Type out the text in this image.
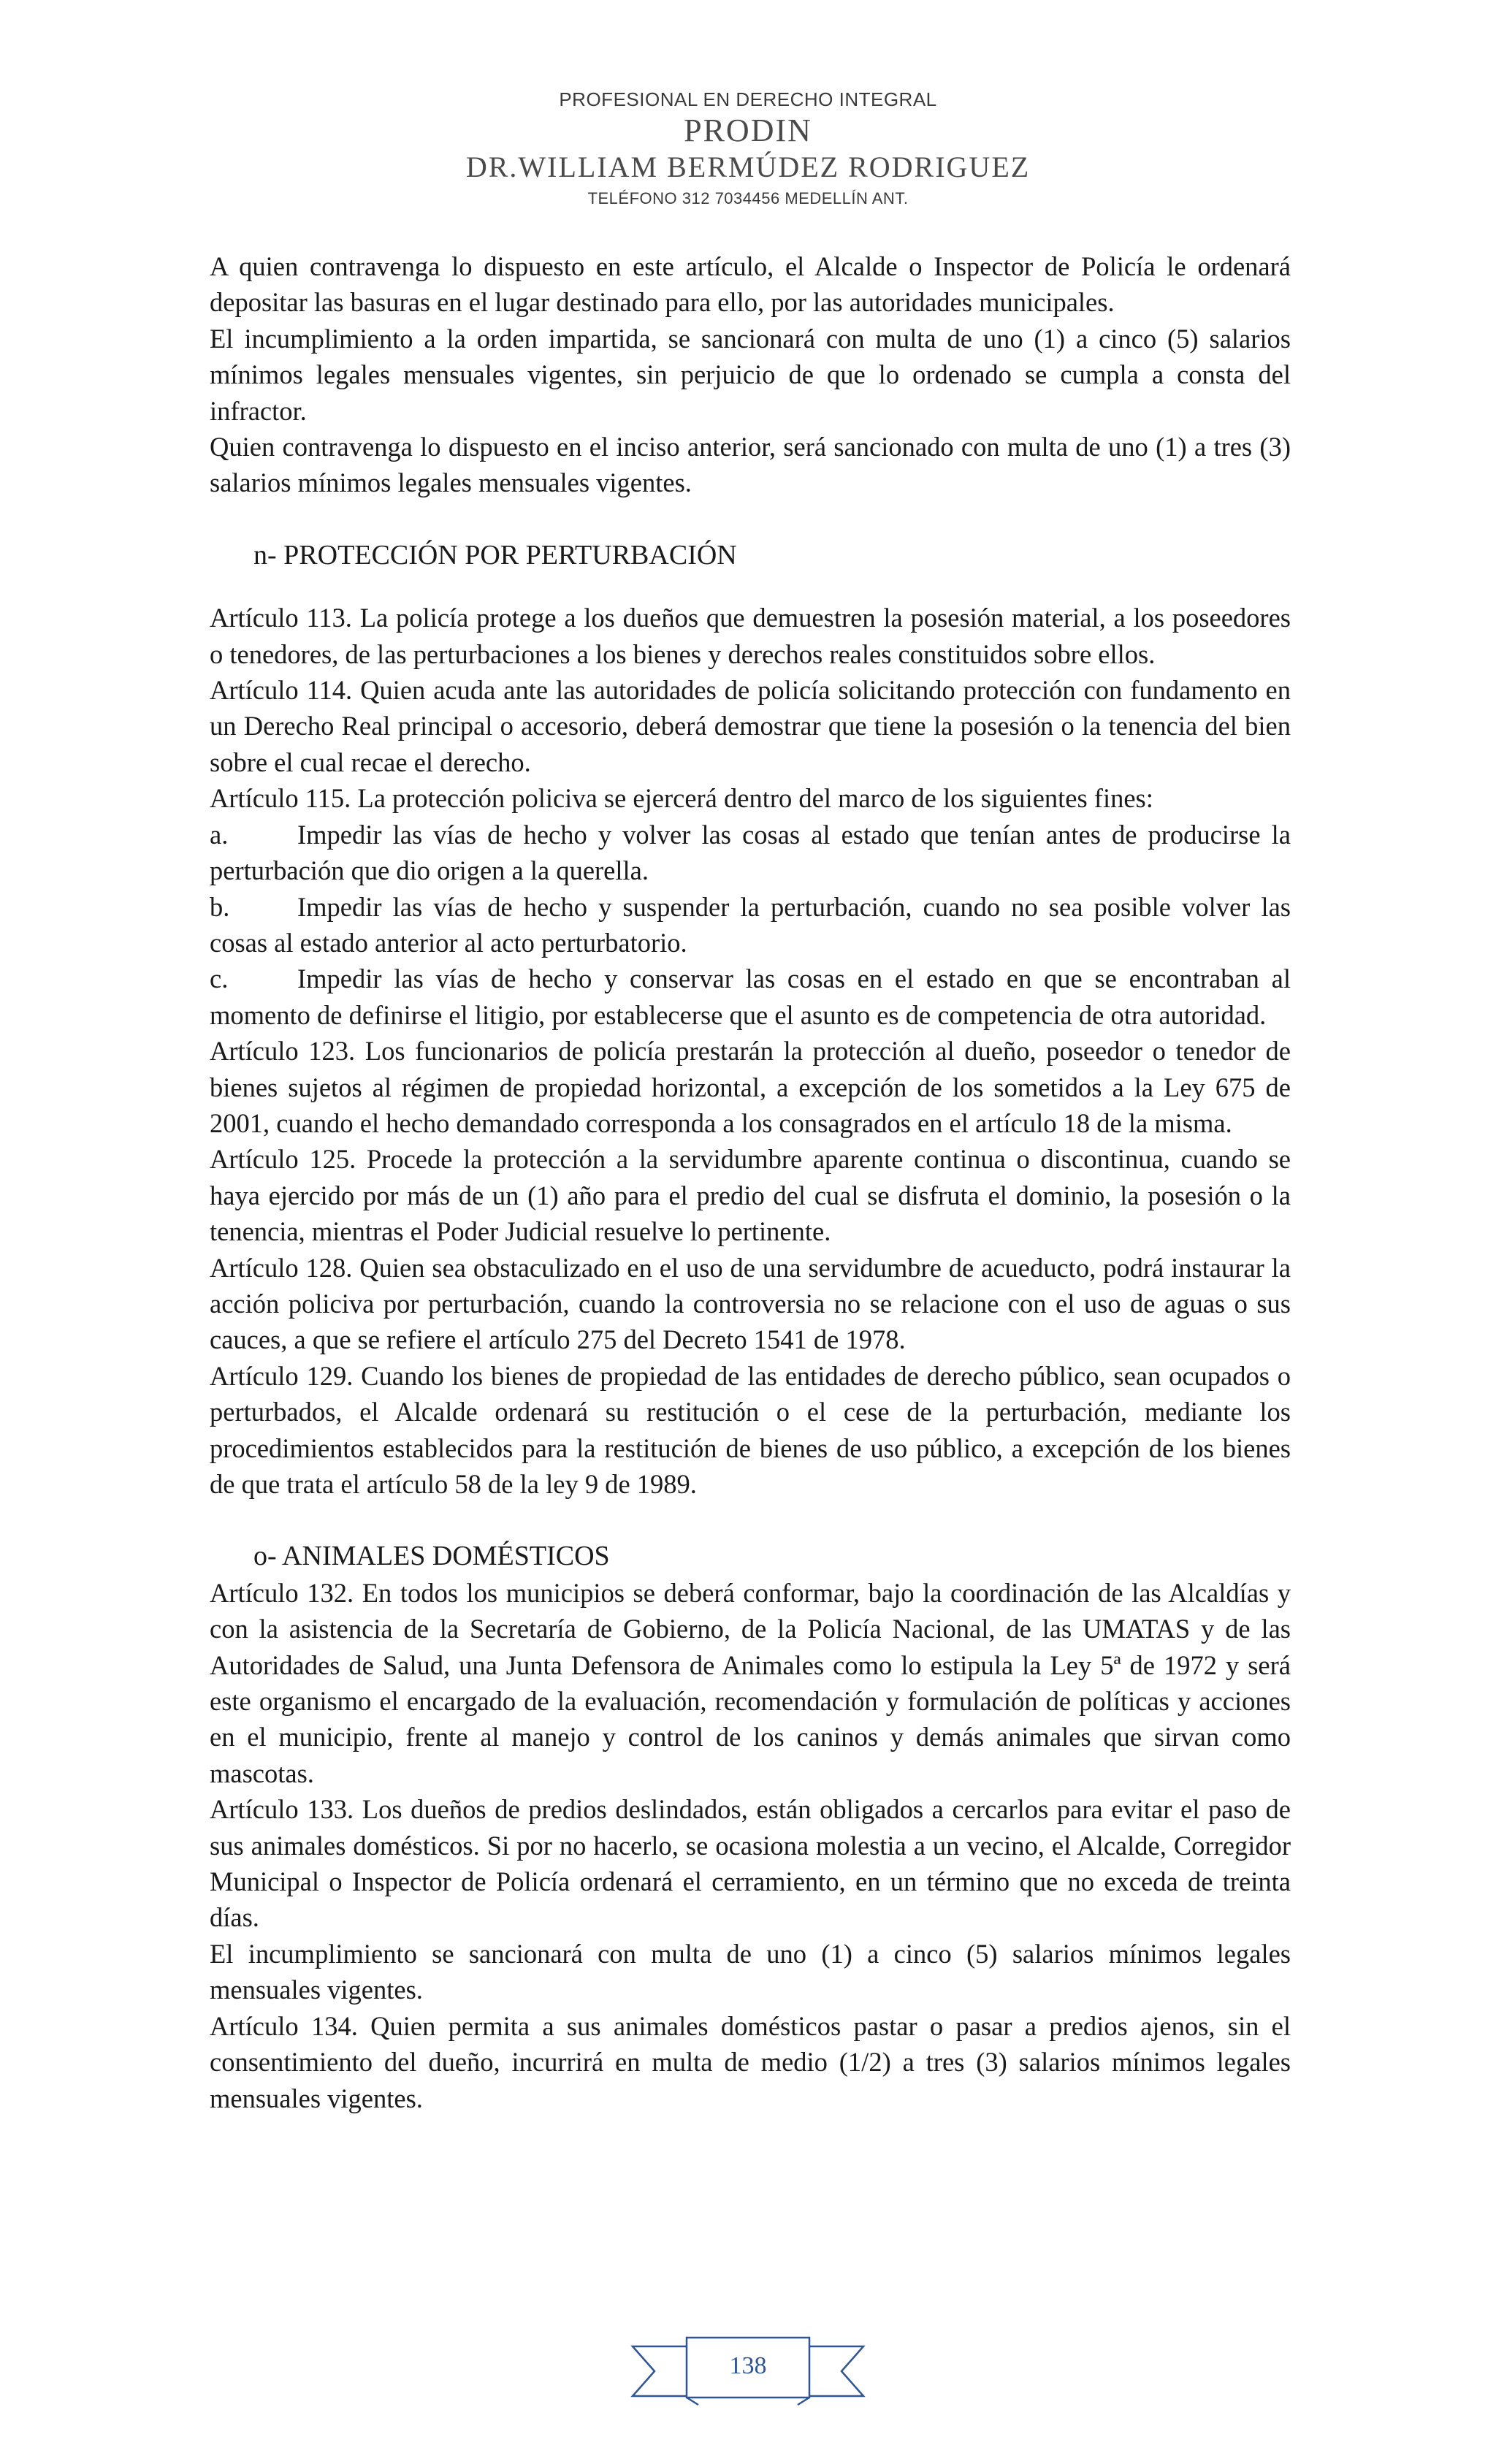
PROFESIONAL EN DERECHO INTEGRAL
PRODIN
DR.WILLIAM BERMÚDEZ RODRIGUEZ
TELÉFONO 312 7034456 MEDELLÍN ANT.

A quien contravenga lo dispuesto en este artículo, el Alcalde o Inspector de Policía le ordenará depositar las basuras en el lugar destinado para ello, por las autoridades municipales.

El incumplimiento a la orden impartida, se sancionará con multa de uno (1) a cinco (5) salarios mínimos legales mensuales vigentes, sin perjuicio de que lo ordenado se cumpla a consta del infractor.

Quien contravenga lo dispuesto en el inciso anterior, será sancionado con multa de uno (1) a tres (3) salarios mínimos legales mensuales vigentes.

n- PROTECCIÓN POR PERTURBACIÓN

Artículo 113. La policía protege a los dueños que demuestren la posesión material, a los poseedores o tenedores, de las perturbaciones a los bienes y derechos reales constituidos sobre ellos.

Artículo 114. Quien acuda ante las autoridades de policía solicitando protección con fundamento en un Derecho Real principal o accesorio, deberá demostrar que tiene la posesión o la tenencia del bien sobre el cual recae el derecho.

Artículo 115. La protección policiva se ejercerá dentro del marco de los siguientes fines:

a.	Impedir las vías de hecho y volver las cosas al estado que tenían antes de producirse la perturbación que dio origen a la querella.

b.	Impedir las vías de hecho y suspender la perturbación, cuando no sea posible volver las cosas al estado anterior al acto perturbatorio.

c.	Impedir las vías de hecho y conservar las cosas en el estado en que se encontraban al momento de definirse el litigio, por establecerse que el asunto es de competencia de otra autoridad.

Artículo 123. Los funcionarios de policía prestarán la protección al dueño, poseedor o tenedor de bienes sujetos al régimen de propiedad horizontal, a excepción de los sometidos a la Ley 675 de 2001, cuando el hecho demandado corresponda a los consagrados en el artículo 18 de la misma.

Artículo 125. Procede la protección a la servidumbre aparente continua o discontinua, cuando se haya ejercido por más de un (1) año para el predio del cual se disfruta el dominio, la posesión o la tenencia, mientras el Poder Judicial resuelve lo pertinente.

Artículo 128. Quien sea obstaculizado en el uso de una servidumbre de acueducto, podrá instaurar la acción policiva por perturbación, cuando la controversia no se relacione con el uso de aguas o sus cauces, a que se refiere el artículo 275 del Decreto 1541 de 1978.

Artículo 129. Cuando los bienes de propiedad de las entidades de derecho público, sean ocupados o perturbados, el Alcalde ordenará su restitución o el cese de la perturbación, mediante los procedimientos establecidos para la restitución de bienes de uso público, a excepción de los bienes de que trata el artículo 58 de la ley 9 de 1989.

o- ANIMALES DOMÉSTICOS

Artículo 132. En todos los municipios se deberá conformar, bajo la coordinación de las Alcaldías y con la asistencia de la Secretaría de Gobierno, de la Policía Nacional, de las UMATAS y de las Autoridades de Salud, una Junta Defensora de Animales como lo estipula la Ley 5ª de 1972 y será este organismo el encargado de la evaluación, recomendación y formulación de políticas y acciones en el municipio, frente al manejo y control de los caninos y demás animales que sirvan como mascotas.

Artículo 133. Los dueños de predios deslindados, están obligados a cercarlos para evitar el paso de sus animales domésticos. Si por no hacerlo, se ocasiona molestia a un vecino, el Alcalde, Corregidor Municipal o Inspector de Policía ordenará el cerramiento, en un término que no exceda de treinta días.

El incumplimiento se sancionará con multa de uno (1) a cinco (5) salarios mínimos legales mensuales vigentes.

Artículo 134. Quien permita a sus animales domésticos pastar o pasar a predios ajenos, sin el consentimiento del dueño, incurrirá en multa de medio (1/2) a tres (3) salarios mínimos legales mensuales vigentes.

138
